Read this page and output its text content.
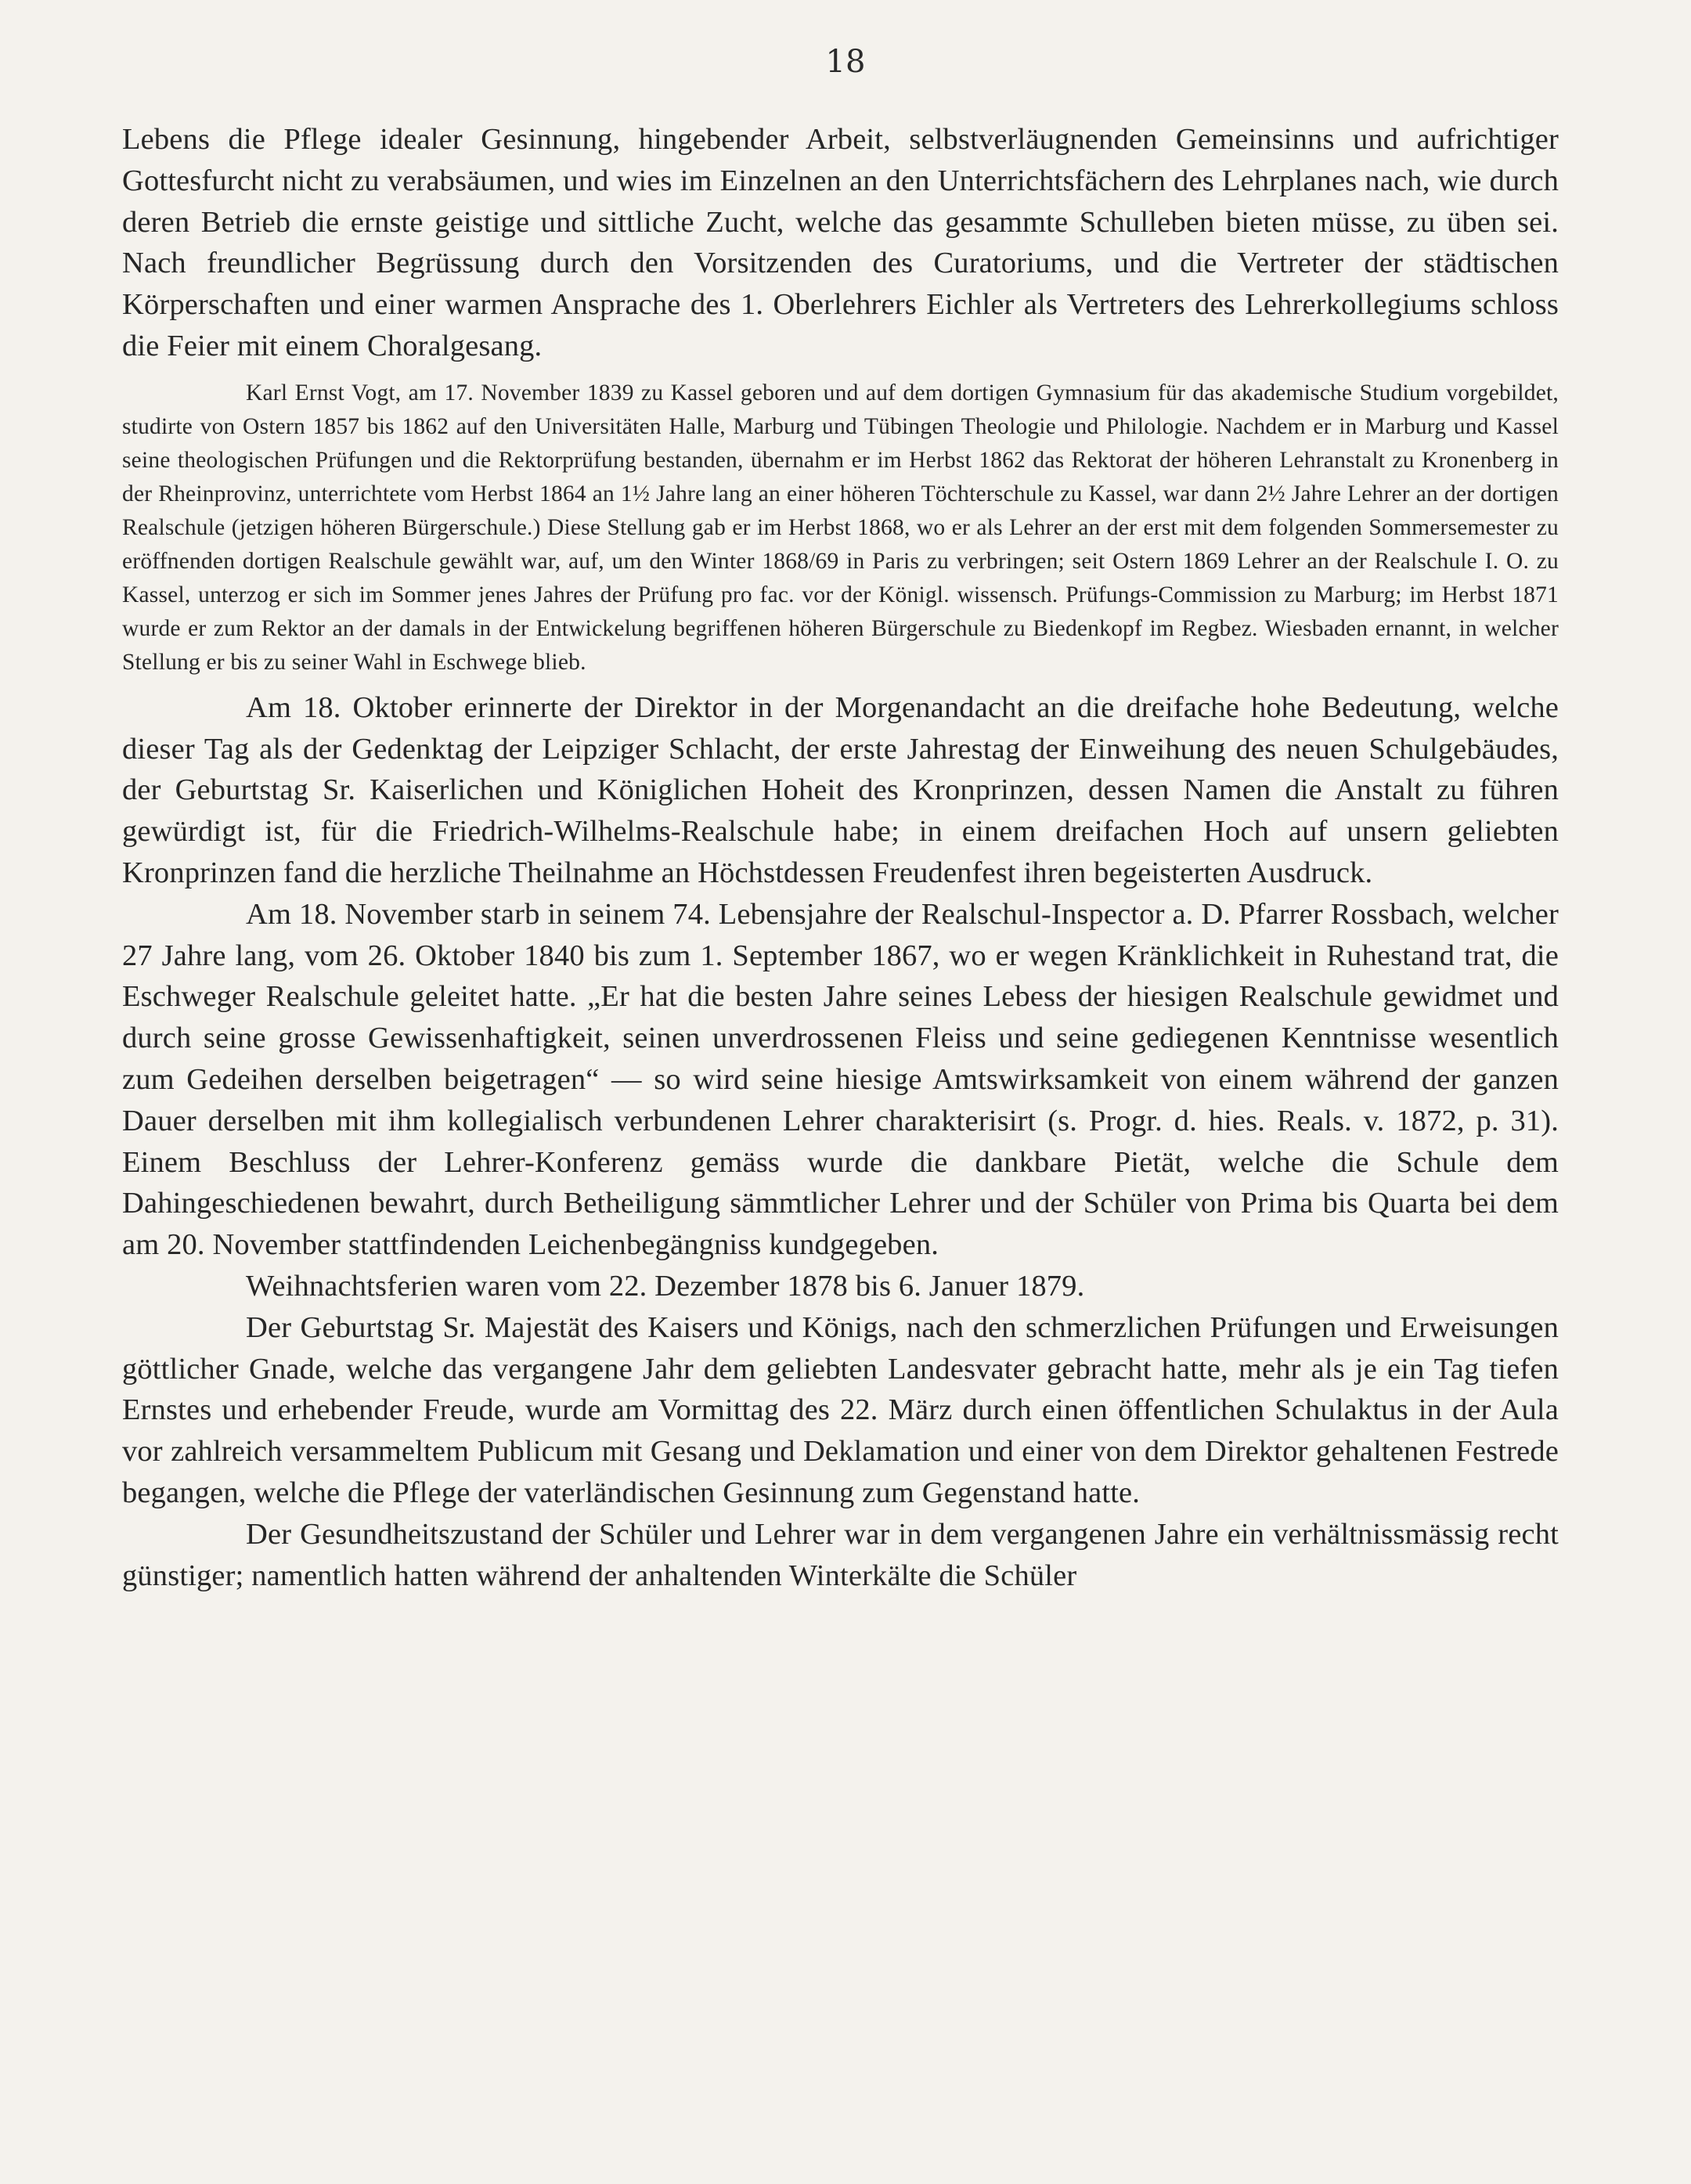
18

Lebens die Pflege idealer Gesinnung, hingebender Arbeit, selbstverläugnenden Gemeinsinns und aufrichtiger Gottesfurcht nicht zu verabsäumen, und wies im Einzelnen an den Unterrichtsfächern des Lehrplanes nach, wie durch deren Betrieb die ernste geistige und sittliche Zucht, welche das gesammte Schulleben bieten müsse, zu üben sei. Nach freundlicher Begrüssung durch den Vorsitzenden des Curatoriums, und die Vertreter der städtischen Körperschaften und einer warmen Ansprache des 1. Oberlehrers Eichler als Vertreters des Lehrerkollegiums schloss die Feier mit einem Choralgesang.

Karl Ernst Vogt, am 17. November 1839 zu Kassel geboren und auf dem dortigen Gymnasium für das akademische Studium vorgebildet, studirte von Ostern 1857 bis 1862 auf den Universitäten Halle, Marburg und Tübingen Theologie und Philologie. Nachdem er in Marburg und Kassel seine theologischen Prüfungen und die Rektorprüfung bestanden, übernahm er im Herbst 1862 das Rektorat der höheren Lehranstalt zu Kronenberg in der Rheinprovinz, unterrichtete vom Herbst 1864 an 1½ Jahre lang an einer höheren Töchterschule zu Kassel, war dann 2½ Jahre Lehrer an der dortigen Realschule (jetzigen höheren Bürgerschule.) Diese Stellung gab er im Herbst 1868, wo er als Lehrer an der erst mit dem folgenden Sommersemester zu eröffnenden dortigen Realschule gewählt war, auf, um den Winter 1868/69 in Paris zu verbringen; seit Ostern 1869 Lehrer an der Realschule I. O. zu Kassel, unterzog er sich im Sommer jenes Jahres der Prüfung pro fac. vor der Königl. wissensch. Prüfungs-Commission zu Marburg; im Herbst 1871 wurde er zum Rektor an der damals in der Entwickelung begriffenen höheren Bürgerschule zu Biedenkopf im Regbez. Wiesbaden ernannt, in welcher Stellung er bis zu seiner Wahl in Eschwege blieb.

Am 18. Oktober erinnerte der Direktor in der Morgenandacht an die dreifache hohe Bedeutung, welche dieser Tag als der Gedenktag der Leipziger Schlacht, der erste Jahrestag der Einweihung des neuen Schulgebäudes, der Geburtstag Sr. Kaiserlichen und Königlichen Hoheit des Kronprinzen, dessen Namen die Anstalt zu führen gewürdigt ist, für die Friedrich-Wilhelms-Realschule habe; in einem dreifachen Hoch auf unsern geliebten Kronprinzen fand die herzliche Theilnahme an Höchstdessen Freudenfest ihren begeisterten Ausdruck.

Am 18. November starb in seinem 74. Lebensjahre der Realschul-Inspector a. D. Pfarrer Rossbach, welcher 27 Jahre lang, vom 26. Oktober 1840 bis zum 1. September 1867, wo er wegen Kränklichkeit in Ruhestand trat, die Eschweger Realschule geleitet hatte. „Er hat die besten Jahre seines Lebess der hiesigen Realschule gewidmet und durch seine grosse Gewissenhaftigkeit, seinen unverdrossenen Fleiss und seine gediegenen Kenntnisse wesentlich zum Gedeihen derselben beigetragen“ — so wird seine hiesige Amtswirksamkeit von einem während der ganzen Dauer derselben mit ihm kollegialisch verbundenen Lehrer charakterisirt (s. Progr. d. hies. Reals. v. 1872, p. 31). Einem Beschluss der Lehrer-Konferenz gemäss wurde die dankbare Pietät, welche die Schule dem Dahingeschiedenen bewahrt, durch Betheiligung sämmtlicher Lehrer und der Schüler von Prima bis Quarta bei dem am 20. November stattfindenden Leichenbegängniss kundgegeben.

Weihnachtsferien waren vom 22. Dezember 1878 bis 6. Januer 1879.

Der Geburtstag Sr. Majestät des Kaisers und Königs, nach den schmerzlichen Prüfungen und Erweisungen göttlicher Gnade, welche das vergangene Jahr dem geliebten Landesvater gebracht hatte, mehr als je ein Tag tiefen Ernstes und erhebender Freude, wurde am Vormittag des 22. März durch einen öffentlichen Schulaktus in der Aula vor zahlreich versammeltem Publicum mit Gesang und Deklamation und einer von dem Direktor gehaltenen Festrede begangen, welche die Pflege der vaterländischen Gesinnung zum Gegenstand hatte.

Der Gesundheitszustand der Schüler und Lehrer war in dem vergangenen Jahre ein verhältnissmässig recht günstiger; namentlich hatten während der anhaltenden Winterkälte die Schüler
